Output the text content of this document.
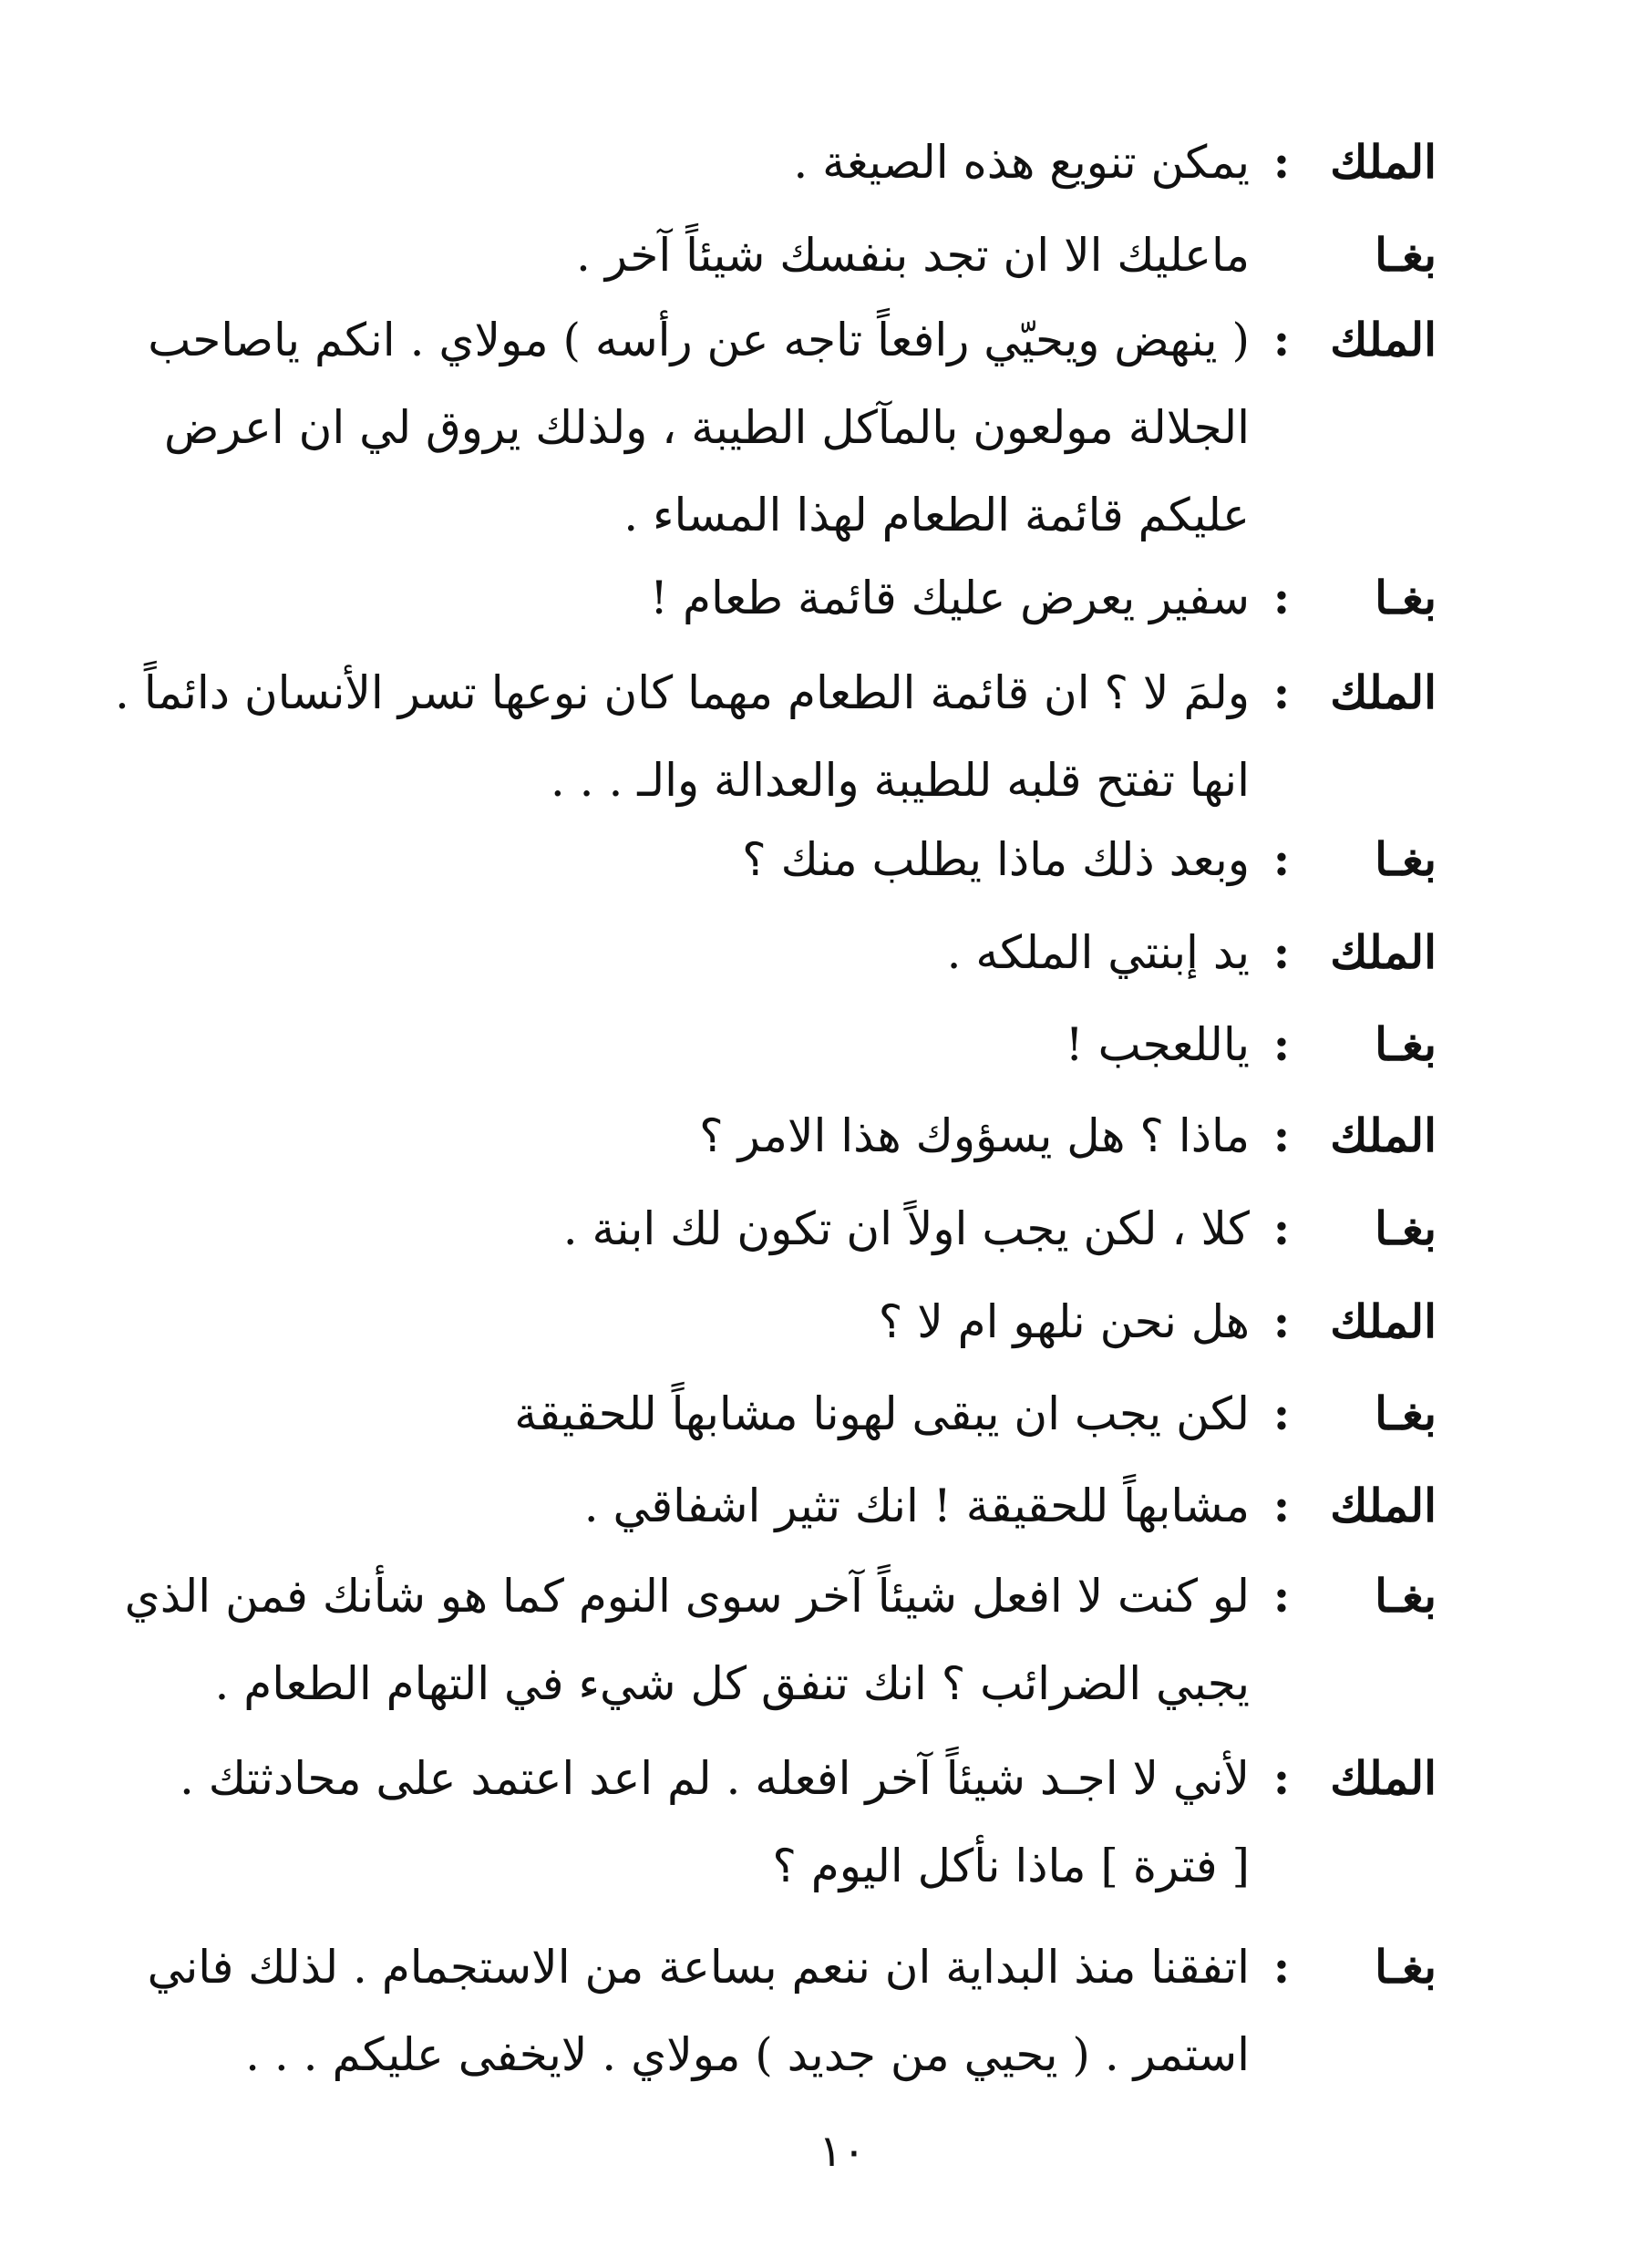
الملك
:
يمكن تنويع هذه الصيغة .
بغـا
ماعليك الا ان تجد بنفسك شيئاً آخر .
الملك
:
( ينهض ويحيّي رافعاً تاجه عن رأسه ) مولاي . انكم ياصاحب
الجلالة مولعون بالمآكل الطيبة ، ولذلك يروق لي ان اعرض
عليكم قائمة الطعام لهذا المساء .
بغـا
:
سفير يعرض عليك قائمة طعام !
الملك
:
ولمَ لا ؟ ان قائمة الطعام مهما كان نوعها تسر الأنسان دائماً .
انها تفتح قلبه للطيبة والعدالة والـ . . .
بغـا
:
وبعد ذلك ماذا يطلب منك ؟
الملك
:
يد إبنتي الملكه .
بغـا
:
ياللعجب !
الملك
:
ماذا ؟ هل يسؤوك هذا الامر ؟
بغـا
:
كلا ، لكن يجب اولاً ان تكون لك ابنة .
الملك
:
هل نحن نلهو ام لا ؟
بغـا
:
لكن يجب ان يبقى لهونا مشابهاً للحقيقة
الملك
:
مشابهاً للحقيقة ! انك تثير اشفاقي .
بغـا
:
لو كنت لا افعل شيئاً آخر سوى النوم كما هو شأنك فمن الذي
يجبي الضرائب ؟ انك تنفق كل شيء في التهام الطعام .
الملك
:
لأني لا اجـد شيئاً آخر افعله . لم اعد اعتمد على محادثتك .
[ فترة ] ماذا نأكل اليوم ؟
بغـا
:
اتفقنا منذ البداية ان ننعم بساعة من الاستجمام . لذلك فاني
استمر . ( يحيي من جديد ) مولاي . لايخفى عليكم . . .
١٠
